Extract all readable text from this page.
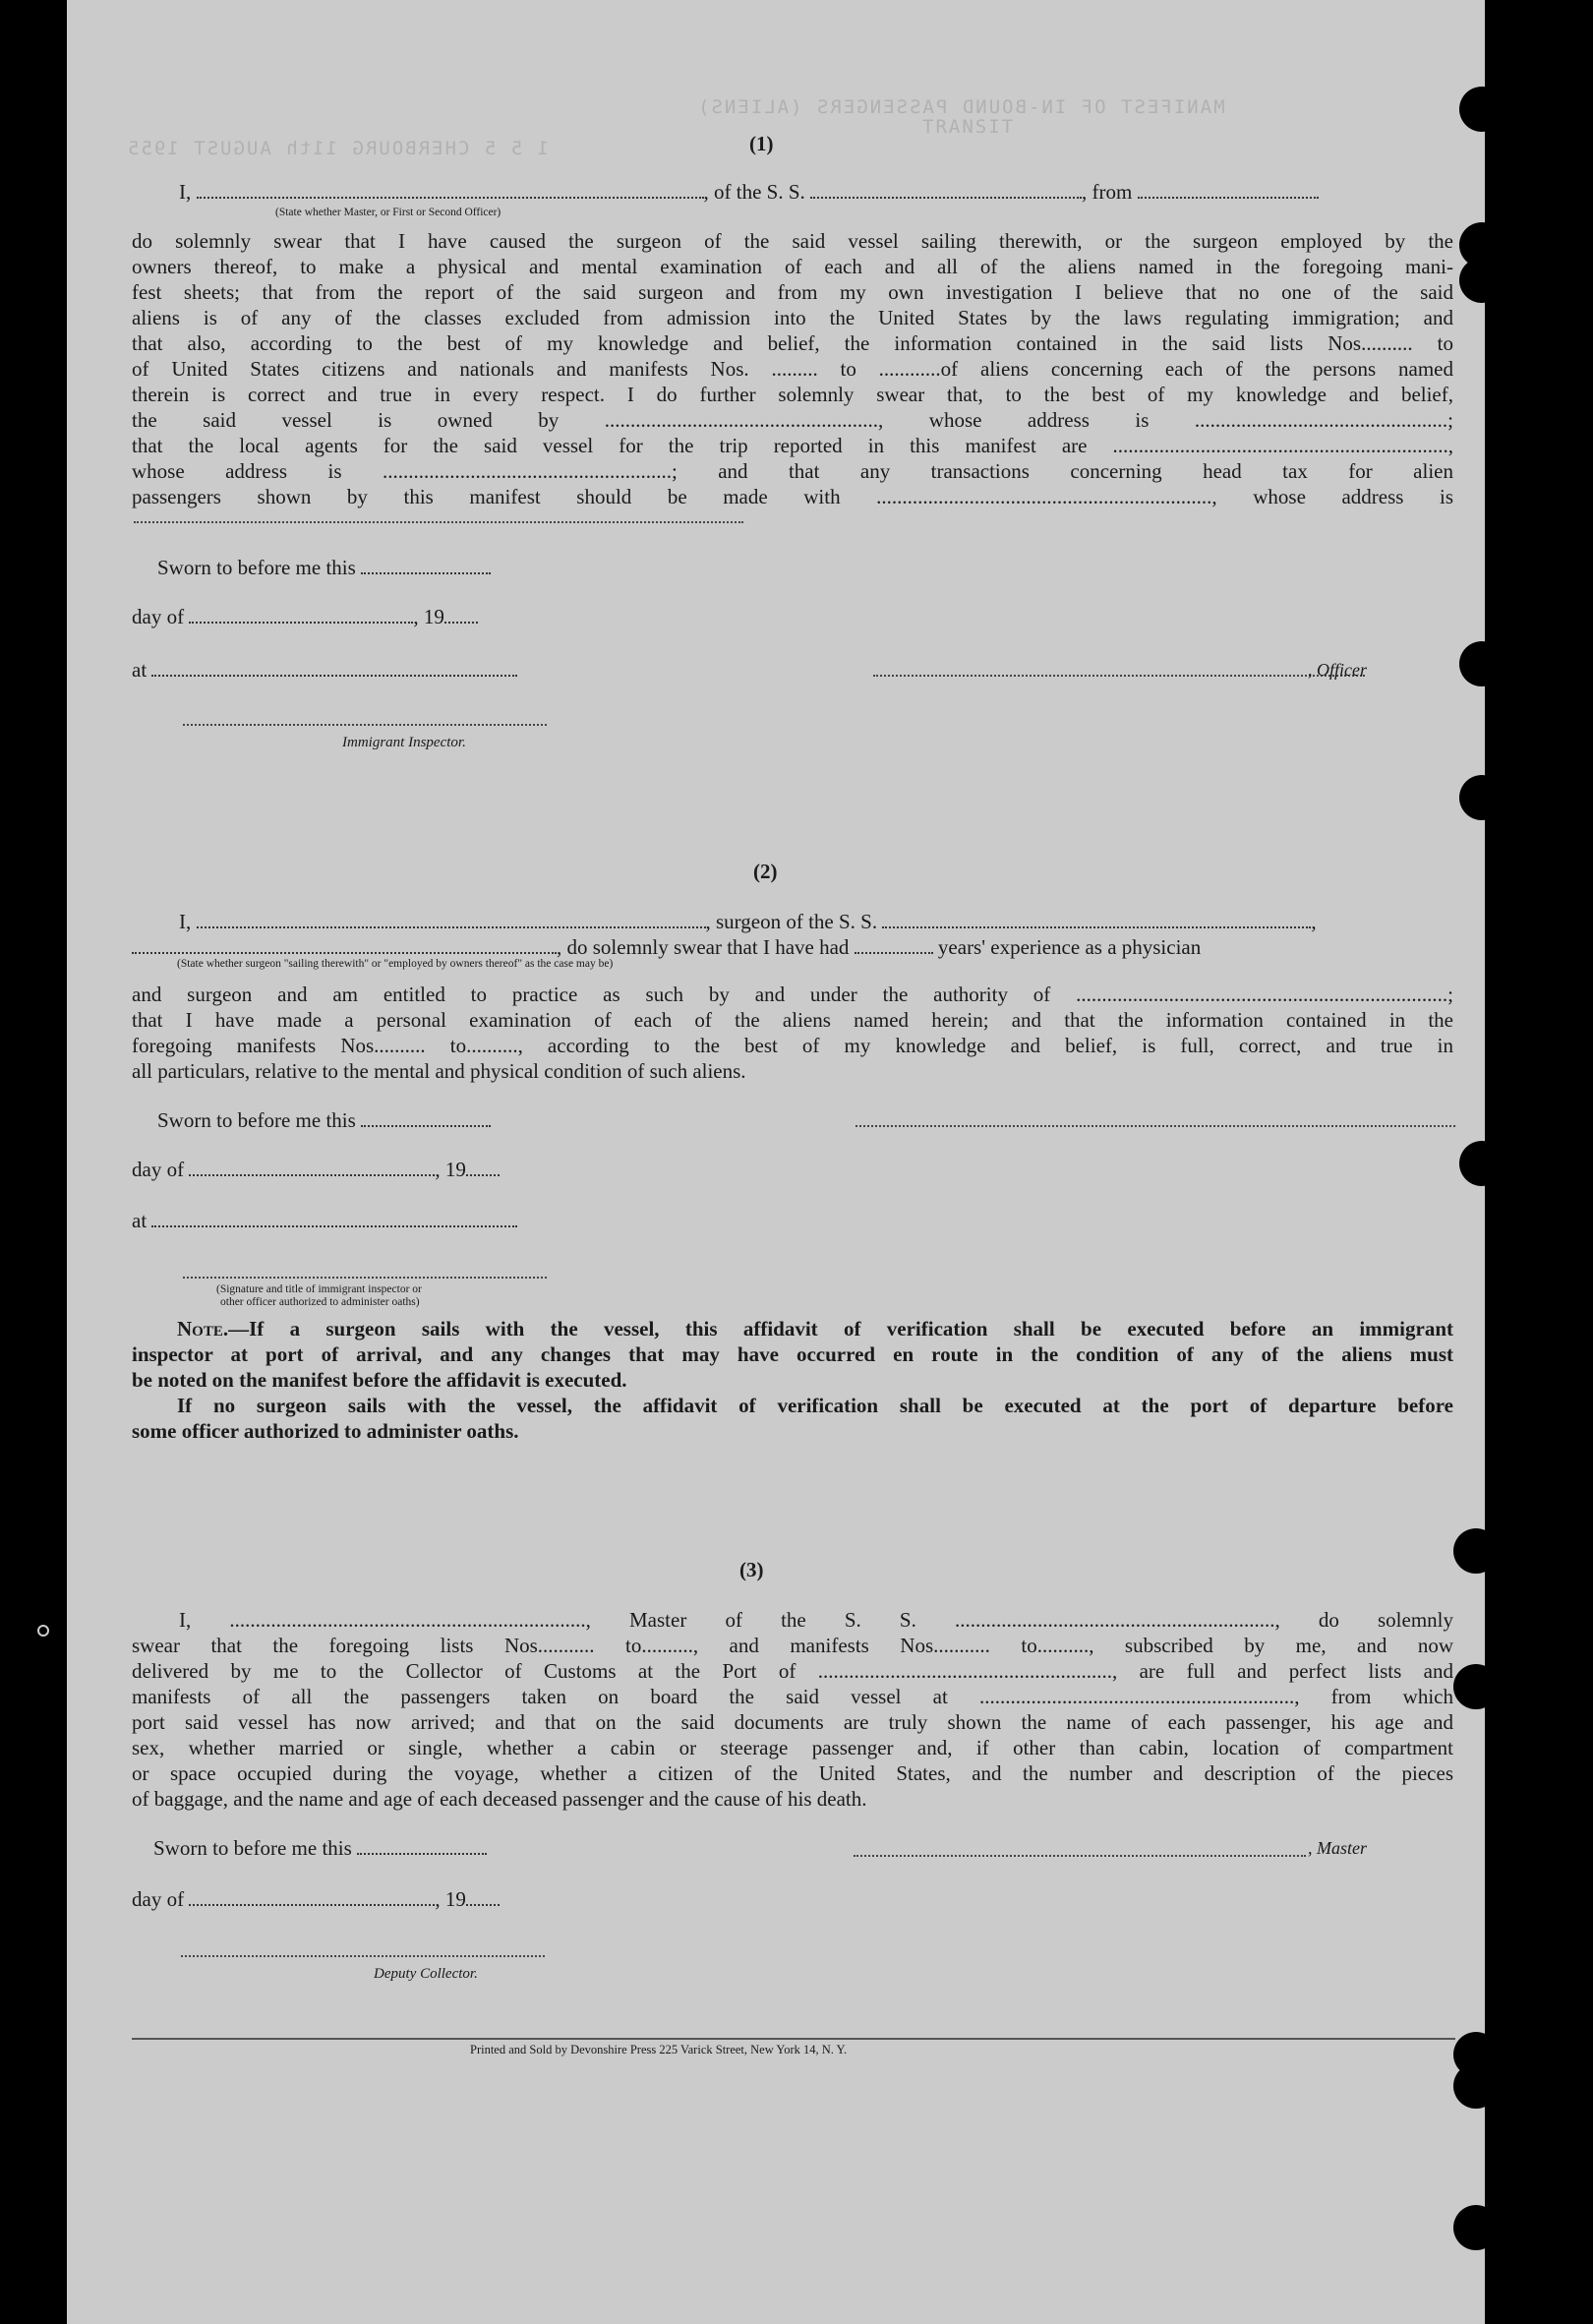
MANIFEST OF IN-BOUND PASSENGERS (ALIENS)
1 5 5 CHERBOURG 11th AUGUST 1955
TRANSIT
(1)
I,	, of the S. S.	, from
(State whether Master, or First or Second Officer)
do solemnly swear that I have caused the surgeon of the said vessel sailing therewith, or the surgeon employed by the
owners thereof, to make a physical and mental examination of each and all of the aliens named in the foregoing mani-
fest sheets; that from the report of the said surgeon and from my own investigation I believe that no one of the said
aliens is of any of the classes excluded from admission into the United States by the laws regulating immigration; and
that also, according to the best of my knowledge and belief, the information contained in the said lists Nos.......... to
of United States citizens and nationals and manifests Nos. ......... to ............of aliens concerning each of the persons named
therein is correct and true in every respect. I do further solemnly swear that, to the best of my knowledge and belief,
the said vessel is owned by ....................................................., whose address is .................................................;
that the local agents for the said vessel for the trip reported in this manifest are .................................................................,
whose address is ........................................................; and that any transactions concerning head tax for alien
passengers shown by this manifest should be made with ................................................................., whose address is
Sworn to before me this
day of	, 19
at	, Officer
Immigrant Inspector.
(2)
I,	, surgeon of the S. S.	,
, do solemnly swear that I have had	years' experience as a physician
(State whether surgeon "sailing therewith" or "employed by owners thereof" as the case may be)
and surgeon and am entitled to practice as such by and under the authority of ........................................................................;
that I have made a personal examination of each of the aliens named herein; and that the information contained in the
foregoing manifests Nos.......... to.........., according to the best of my knowledge and belief, is full, correct, and true in
all particulars, relative to the mental and physical condition of such aliens.
Sworn to before me this
day of	, 19
at
(Signature and title of immigrant inspector or
other officer authorized to administer oaths)
Note.—If a surgeon sails with the vessel, this affidavit of verification shall be executed before an immigrant
inspector at port of arrival, and any changes that may have occurred en route in the condition of any of the aliens must
be noted on the manifest before the affidavit is executed.
If no surgeon sails with the vessel, the affidavit of verification shall be executed at the port of departure before
some officer authorized to administer oaths.
(3)
I, ....................................................................., Master of the S. S. .............................................................., do solemnly
swear that the foregoing lists Nos........... to.........., and manifests Nos........... to.........., subscribed by me, and now
delivered by me to the Collector of Customs at the Port of ........................................................., are full and perfect lists and
manifests of all the passengers taken on board the said vessel at ............................................................., from which
port said vessel has now arrived; and that on the said documents are truly shown the name of each passenger, his age and
sex, whether married or single, whether a cabin or steerage passenger and, if other than cabin, location of compartment
or space occupied during the voyage, whether a citizen of the United States, and the number and description of the pieces
of baggage, and the name and age of each deceased passenger and the cause of his death.
Sworn to before me this	, Master
day of	, 19
Deputy Collector.
Printed and Sold by Devonshire Press 225 Varick Street, New York 14, N. Y.
